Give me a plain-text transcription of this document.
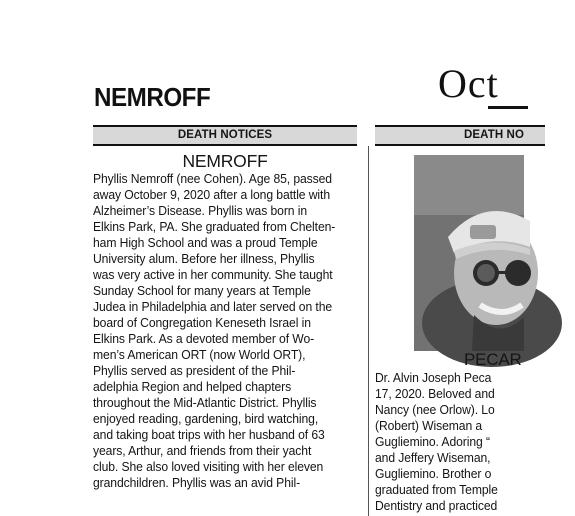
NEMROFF	Oct
DEATH NOTICES
NEMROFF
Phyllis Nemroff (nee Cohen). Age 85, passed
away October 9, 2020 after a long battle with
Alzheimer’s Disease. Phyllis was born in
Elkins Park, PA. She graduated from Chelten-
ham High School and was a proud Temple
University alum. Before her illness, Phyllis
was very active in her community. She taught
Sunday School for many years at Temple
Judea in Philadelphia and later served on the
board of Congregation Keneseth Israel in
Elkins Park. As a devoted member of Wo-
men’s American ORT (now World ORT),
Phyllis served as president of the Phil-
adelphia Region and helped chapters
throughout the Mid-Atlantic District. Phyllis
enjoyed reading, gardening, bird watching,
and taking boat trips with her husband of 63
years, Arthur, and friends from their yacht
club. She also loved visiting with her eleven
grandchildren. Phyllis was an avid Phil-
DEATH NO
PECAR
Dr. Alvin Joseph Peca
17, 2020. Beloved and
Nancy (nee Orlow). Lo
(Robert) Wiseman a
Gugliemino. Adoring “
and Jeffery Wiseman,
Gugliemino. Brother o
graduated from Temple
Dentistry and practiced
